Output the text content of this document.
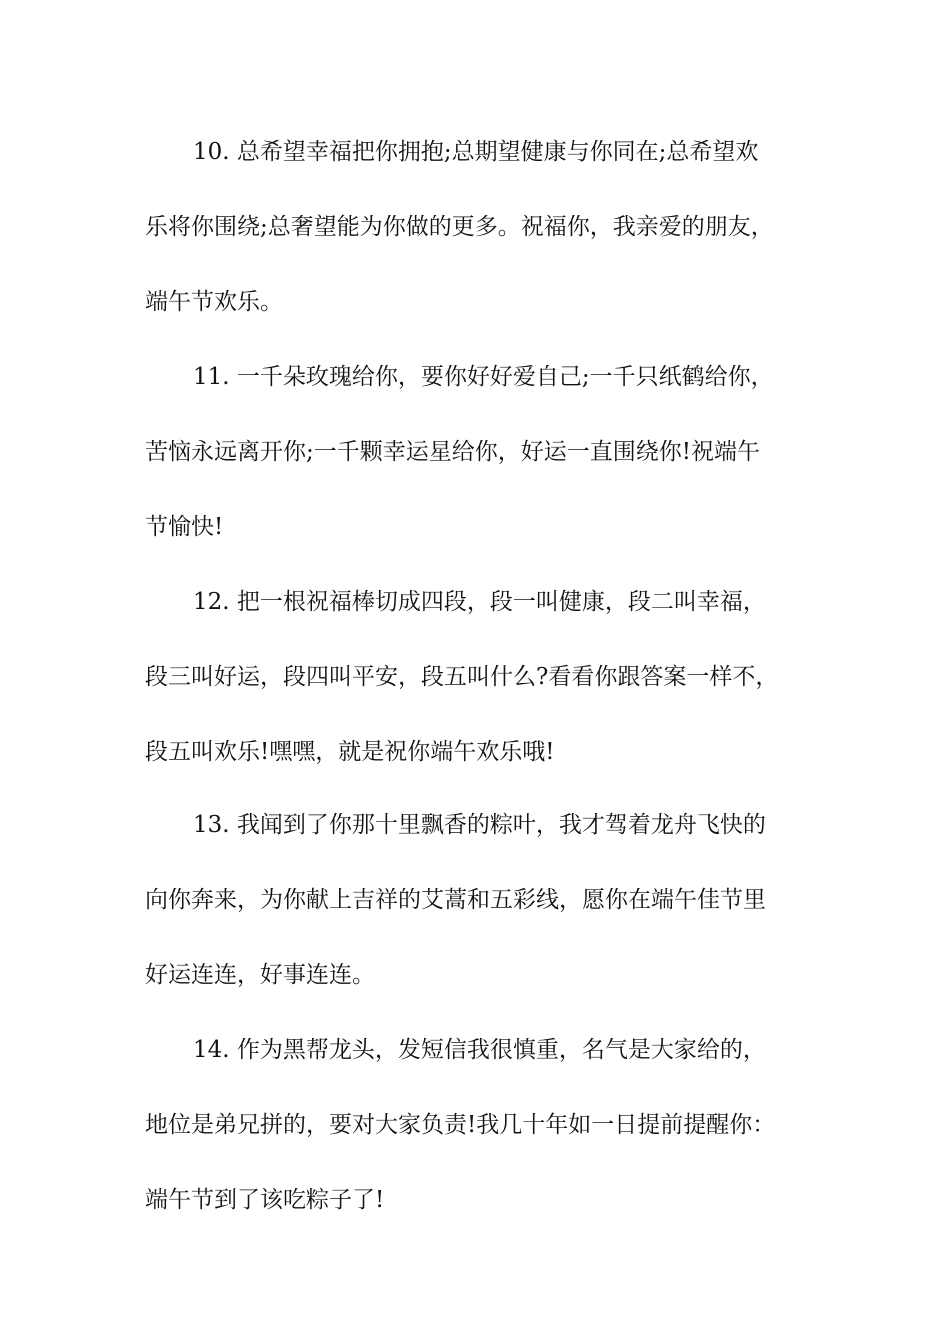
10. 总希望幸福把你拥抱;总期望健康与你同在;总希望欢
乐将你围绕;总奢望能为你做的更多。祝福你，我亲爱的朋友，
端午节欢乐。
11. 一千朵玫瑰给你，要你好好爱自己;一千只纸鹤给你，
苦恼永远离开你;一千颗幸运星给你，好运一直围绕你!祝端午
节愉快!
12. 把一根祝福棒切成四段，段一叫健康，段二叫幸福，
段三叫好运，段四叫平安，段五叫什么?看看你跟答案一样不，
段五叫欢乐!嘿嘿，就是祝你端午欢乐哦!
13. 我闻到了你那十里飘香的粽叶，我才驾着龙舟飞快的
向你奔来，为你献上吉祥的艾蒿和五彩线，愿你在端午佳节里
好运连连，好事连连。
14. 作为黑帮龙头，发短信我很慎重，名气是大家给的，
地位是弟兄拼的，要对大家负责!我几十年如一日提前提醒你：
端午节到了该吃粽子了!
